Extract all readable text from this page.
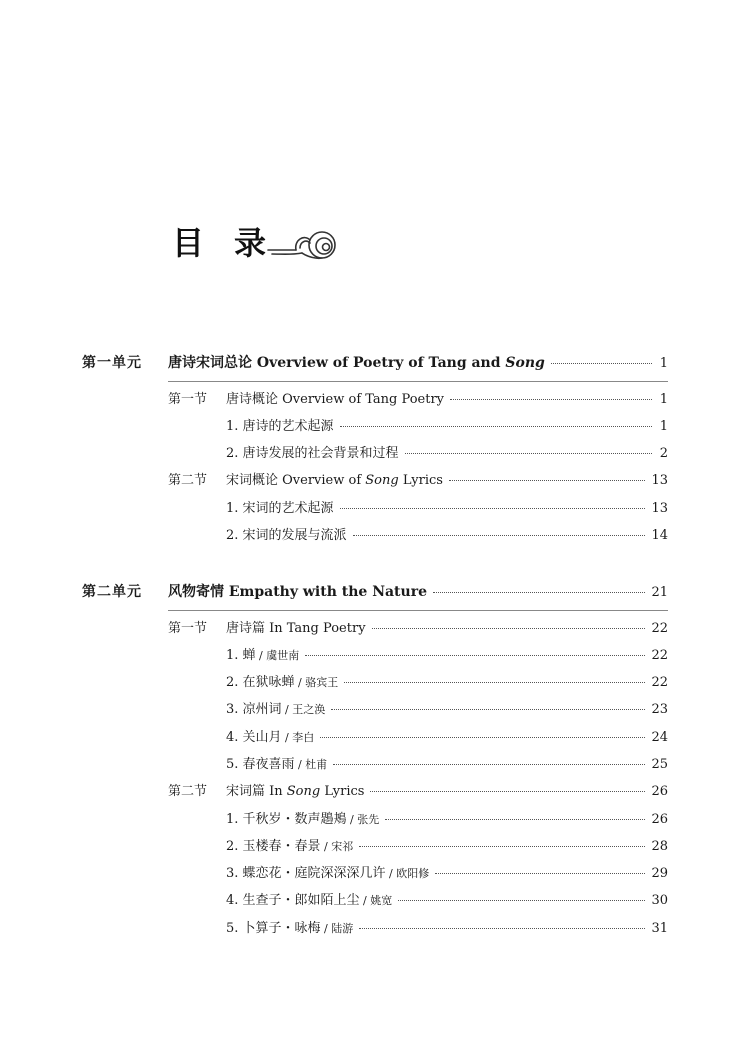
目 录
第一单元	唐诗宋词总论 Overview of Poetry of Tang and Song	1
第一节	唐诗概论 Overview of Tang Poetry	1
1. 唐诗的艺术起源	1
2. 唐诗发展的社会背景和过程	2
第二节	宋词概论 Overview of Song Lyrics	13
1. 宋词的艺术起源	13
2. 宋词的发展与流派	14
第二单元	风物寄情 Empathy with the Nature	21
第一节	唐诗篇 In Tang Poetry	22
1. 蝉 / 虞世南	22
2. 在狱咏蝉 / 骆宾王	22
3. 凉州词 / 王之涣	23
4. 关山月 / 李白	24
5. 春夜喜雨 / 杜甫	25
第二节	宋词篇 In Song Lyrics	26
1. 千秋岁・数声鶗鴂 / 张先	26
2. 玉楼春・春景 / 宋祁	28
3. 蝶恋花・庭院深深深几许 / 欧阳修	29
4. 生查子・郎如陌上尘 / 姚宽	30
5. 卜算子・咏梅 / 陆游	31
